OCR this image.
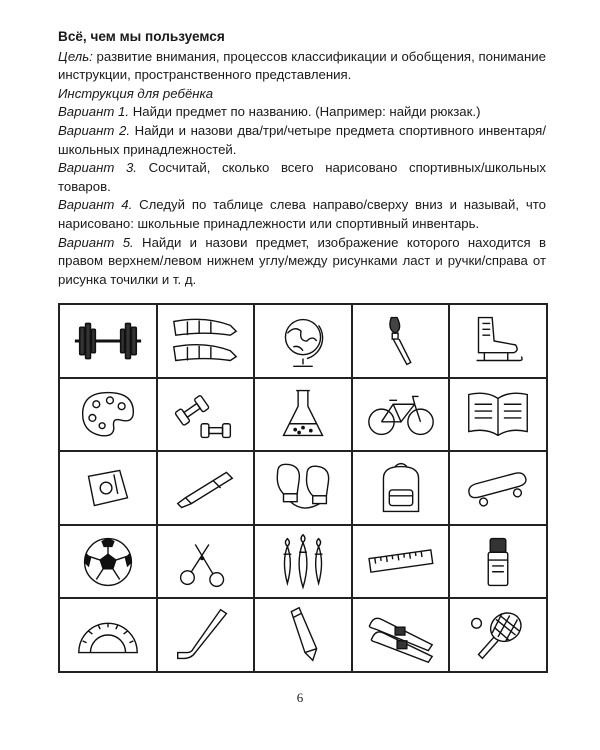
Всё, чем мы пользуемся
Цель: развитие внимания, процессов классификации и обобщения, понимание инструкции, пространственного представления.
Инструкция для ребёнка
Вариант 1. Найди предмет по названию. (Например: найди рюкзак.)
Вариант 2. Найди и назови два/три/четыре предмета спортивного инвентаря/школьных принадлежностей.
Вариант 3. Сосчитай, сколько всего нарисовано спортивных/школьных товаров.
Вариант 4. Следуй по таблице слева направо/сверху вниз и называй, что нарисовано: школьные принадлежности или спортивный инвентарь.
Вариант 5. Найди и назови предмет, изображение которого находится в правом верхнем/левом нижнем углу/между рисунками ласт и ручки/справа от рисунка точилки и т. д.
6
